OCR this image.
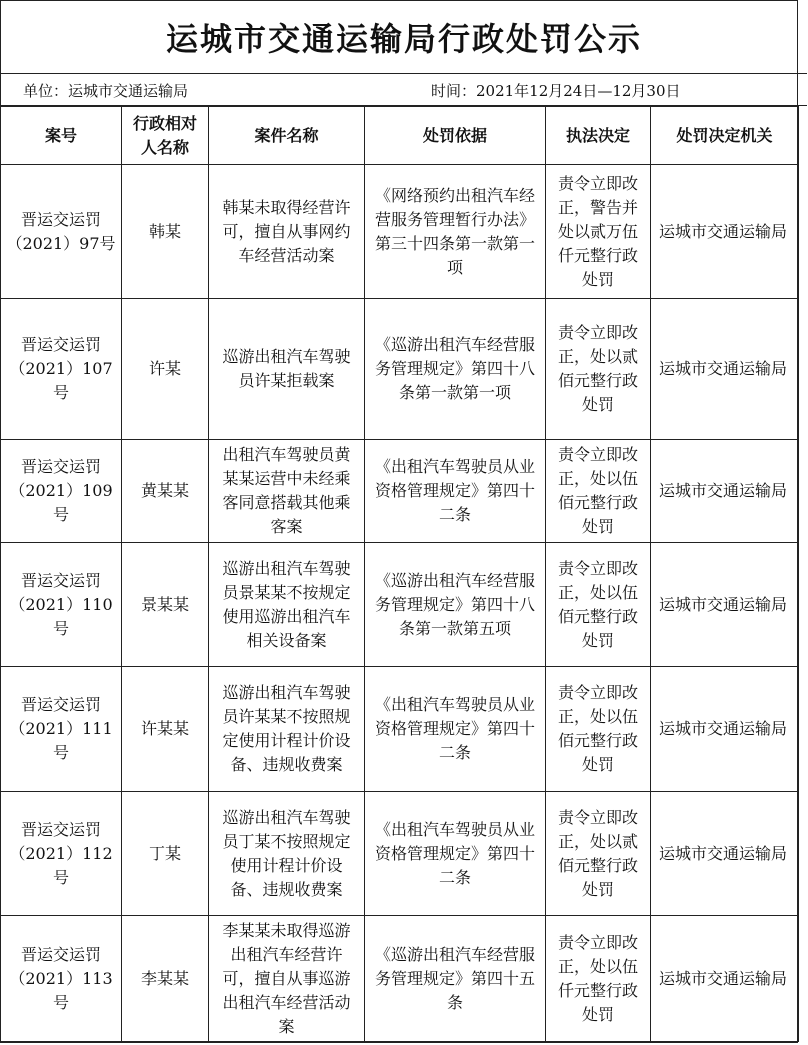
运城市交通运输局行政处罚公示
单位：运城市交通运输局	时间：2021年12月24日—12月30日
案号	行政相对人名称	案件名称	处罚依据	执法决定	处罚决定机关
晋运交运罚（2021）97号	韩某	韩某未取得经营许可，擅自从事网约车经营活动案	《网络预约出租汽车经营服务管理暂行办法》第三十四条第一款第一项	责令立即改正，警告并处以贰万伍仟元整行政处罚	运城市交通运输局
晋运交运罚（2021）107号	许某	巡游出租汽车驾驶员许某拒载案	《巡游出租汽车经营服务管理规定》第四十八条第一款第一项	责令立即改正，处以贰佰元整行政处罚	运城市交通运输局
晋运交运罚（2021）109号	黄某某	出租汽车驾驶员黄某某运营中未经乘客同意搭载其他乘客案	《出租汽车驾驶员从业资格管理规定》第四十二条	责令立即改正，处以伍佰元整行政处罚	运城市交通运输局
晋运交运罚（2021）110号	景某某	巡游出租汽车驾驶员景某某不按规定使用巡游出租汽车相关设备案	《巡游出租汽车经营服务管理规定》第四十八条第一款第五项	责令立即改正，处以伍佰元整行政处罚	运城市交通运输局
晋运交运罚（2021）111号	许某某	巡游出租汽车驾驶员许某某不按照规定使用计程计价设备、违规收费案	《出租汽车驾驶员从业资格管理规定》第四十二条	责令立即改正，处以伍佰元整行政处罚	运城市交通运输局
晋运交运罚（2021）112号	丁某	巡游出租汽车驾驶员丁某不按照规定使用计程计价设备、违规收费案	《出租汽车驾驶员从业资格管理规定》第四十二条	责令立即改正，处以贰佰元整行政处罚	运城市交通运输局
晋运交运罚（2021）113号	李某某	李某某未取得巡游出租汽车经营许可，擅自从事巡游出租汽车经营活动案	《巡游出租汽车经营服务管理规定》第四十五条	责令立即改正，处以伍仟元整行政处罚	运城市交通运输局
